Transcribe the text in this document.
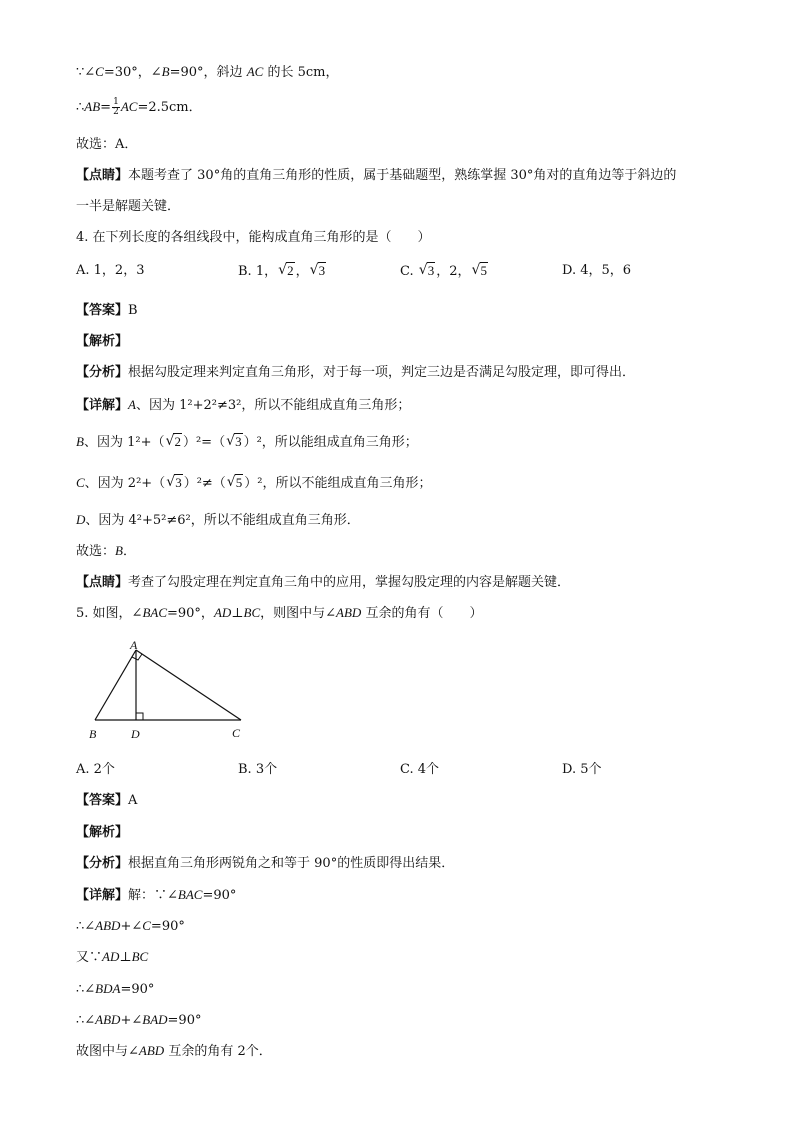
∵∠C=30°，∠B=90°，斜边 AC 的长 5cm，
∴AB= $\frac{1}{2} AC=2.5cm$．
故选：A．
【点睛】本题考查了 30°角的直角三角形的性质，属于基础题型，熟练掌握 30°角对的直角边等于斜边的
一半是解题关键．
4. 在下列长度的各组线段中，能构成直角三角形的是（　　）
A. 1，2，3	B. 1， √ 2 ， √ 3	C. √ 3 ，2， √ 5	D. 4，5，6
【答案】B
【解析】
【分析】根据勾股定理来判定直角三角形，对于每一项，判定三边是否满足勾股定理，即可得出．
【详解】A、因为 1²+2²≠3²，所以不能组成直角三角形；
B、因为 1²+（ √ 2 ）²=（ √ 3 ）²，所以能组成直角三角形；
C、因为 2²+（ √ 3 ）²≠（ √ 5 ）²，所以不能组成直角三角形；
D、因为 4²+5²≠6²，所以不能组成直角三角形．
故选：B．
【点睛】考查了勾股定理在判定直角三角中的应用，掌握勾股定理的内容是解题关键．
5. 如图，∠BAC=90°，AD⊥BC，则图中与∠ABD 互余的角有（　　）
A
B	D	C
A. 2个	B. 3个	C. 4个	D. 5个
【答案】A
【解析】
【分析】根据直角三角形两锐角之和等于 90°的性质即得出结果．
【详解】解：∵∠BAC=90°
∴∠ABD+∠C=90°
又∵AD⊥BC
∴∠BDA=90°
∴∠ABD+∠BAD=90°
故图中与∠ABD 互余的角有 2个．
